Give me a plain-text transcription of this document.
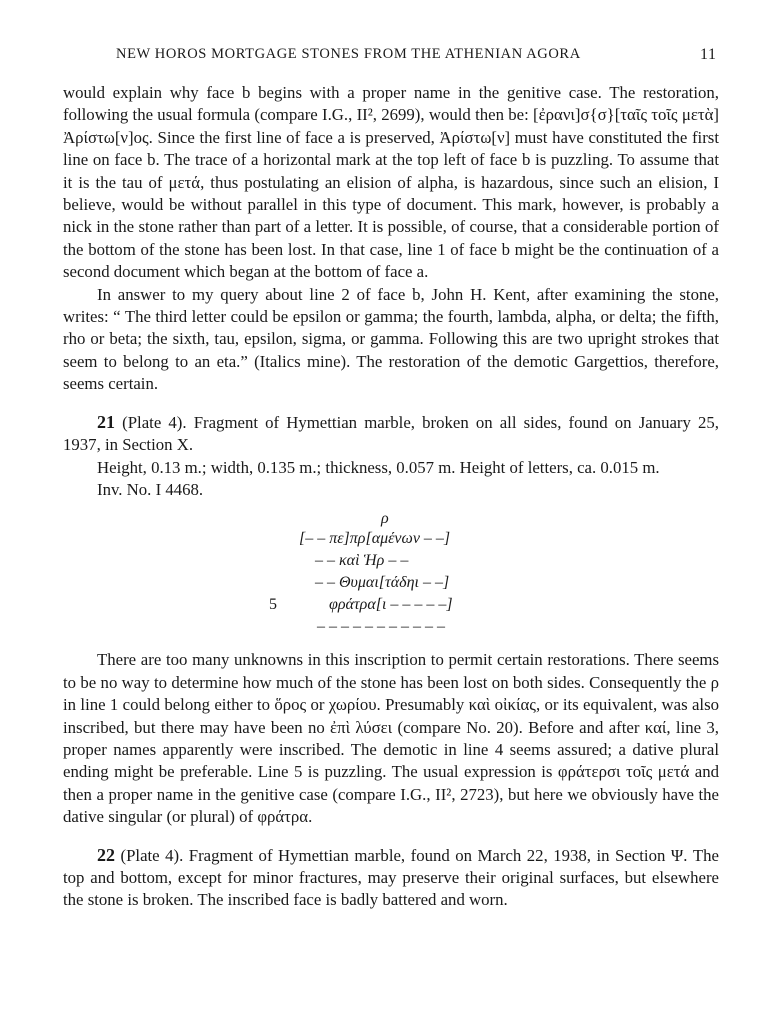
NEW HOROS MORTGAGE STONES FROM THE ATHENIAN AGORA	11

would explain why face b begins with a proper name in the genitive case. The restoration, following the usual formula (compare I.G., II², 2699), would then be: [ἐρανι]σ{σ}[ταῖς τοῖς μετὰ] Ἀρίστω[ν]ος. Since the first line of face a is preserved, Ἀρίστω[ν] must have constituted the first line on face b. The trace of a horizontal mark at the top left of face b is puzzling. To assume that it is the tau of μετά, thus postulating an elision of alpha, is hazardous, since such an elision, I believe, would be without parallel in this type of document. This mark, however, is probably a nick in the stone rather than part of a letter. It is possible, of course, that a considerable portion of the bottom of the stone has been lost. In that case, line 1 of face b might be the continuation of a second document which began at the bottom of face a.

In answer to my query about line 2 of face b, John H. Kent, after examining the stone, writes: “ The third letter could be epsilon or gamma; the fourth, lambda, alpha, or delta; the fifth, rho or beta; the sixth, tau, epsilon, sigma, or gamma. Following this are two upright strokes that seem to belong to an eta.” (Italics mine). The restoration of the demotic Gargettios, therefore, seems certain.

21 (Plate 4). Fragment of Hymettian marble, broken on all sides, found on January 25, 1937, in Section X.

Height, 0.13 m.; width, 0.135 m.; thickness, 0.057 m. Height of letters, ca. 0.015 m.

Inv. No. I 4468.

ρ
[– – πε]πρ[αμένων – –]
– – καὶ Ἡρ – –
– – Θυμαι[τάδηι – –]
5	φράτρα[ι – – – – –]
– – – – – – – – – – –

There are too many unknowns in this inscription to permit certain restorations. There seems to be no way to determine how much of the stone has been lost on both sides. Consequently the ρ in line 1 could belong either to ὅρος or χωρίου. Presumably καὶ οἰκίας, or its equivalent, was also inscribed, but there may have been no ἐπὶ λύσει (compare No. 20). Before and after καί, line 3, proper names apparently were inscribed. The demotic in line 4 seems assured; a dative plural ending might be preferable. Line 5 is puzzling. The usual expression is φράτερσι τοῖς μετά and then a proper name in the genitive case (compare I.G., II², 2723), but here we obviously have the dative singular (or plural) of φράτρα.

22 (Plate 4). Fragment of Hymettian marble, found on March 22, 1938, in Section Ψ. The top and bottom, except for minor fractures, may preserve their original surfaces, but elsewhere the stone is broken. The inscribed face is badly battered and worn.
